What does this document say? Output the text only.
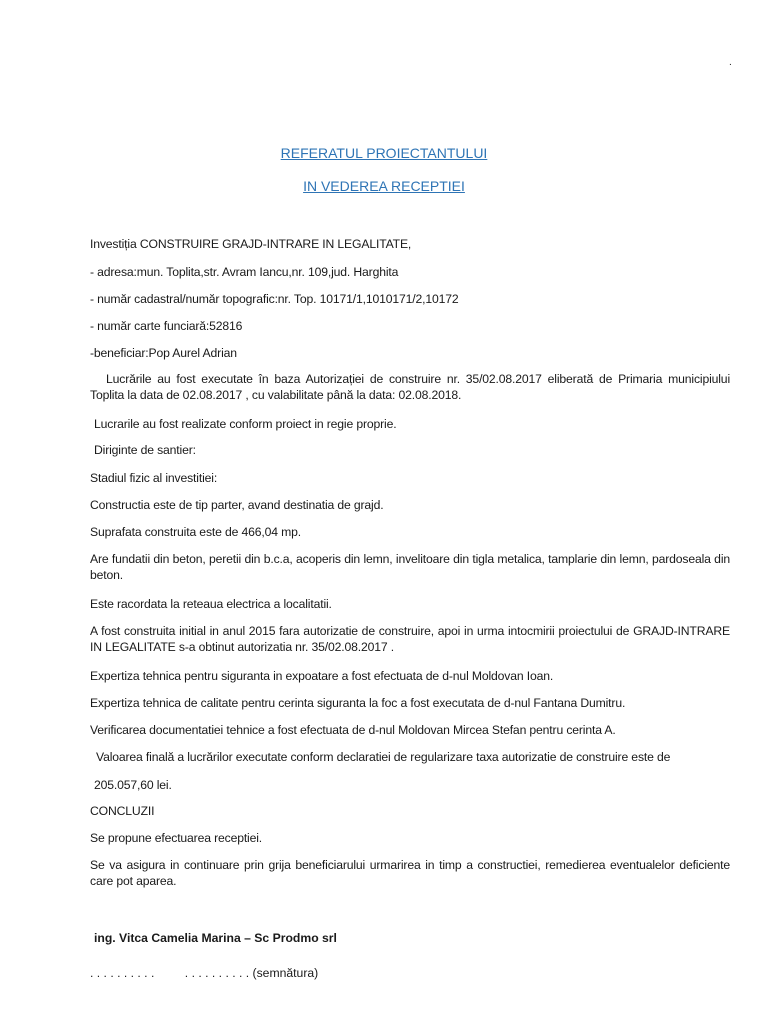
.
REFERATUL PROIECTANTULUI
IN VEDEREA RECEPTIEI
Investiția CONSTRUIRE GRAJD-INTRARE IN LEGALITATE,
- adresa:mun. Toplita,str. Avram Iancu,nr. 109,jud. Harghita
- număr cadastral/număr topografic:nr. Top. 10171/1,1010171/2,10172
- număr carte funciară:52816
-beneficiar:Pop Aurel Adrian
Lucrările au fost executate în baza Autorizației de construire nr. 35/02.08.2017 eliberată de Primaria municipiului Toplita la data de 02.08.2017 , cu valabilitate până la data: 02.08.2018.
Lucrarile au fost realizate conform proiect in regie proprie.
Diriginte de santier:
Stadiul fizic al investitiei:
Constructia este de tip parter, avand destinatia de grajd.
Suprafata construita este de 466,04 mp.
Are fundatii din beton, peretii din b.c.a, acoperis din lemn, invelitoare din tigla metalica, tamplarie din lemn, pardoseala din beton.
Este racordata la reteaua electrica a localitatii.
A fost construita initial in anul 2015 fara autorizatie de construire, apoi in urma intocmirii proiectului de GRAJD-INTRARE IN LEGALITATE s-a obtinut autorizatia nr. 35/02.08.2017 .
Expertiza tehnica pentru siguranta in expoatare a fost efectuata de d-nul Moldovan Ioan.
Expertiza tehnica de calitate pentru cerinta siguranta la foc a fost executata de d-nul Fantana Dumitru.
Verificarea documentatiei tehnice a fost efectuata de d-nul Moldovan Mircea Stefan pentru cerinta A.
Valoarea finală a lucrărilor executate conform declaratiei de regularizare taxa autorizatie de construire este de
205.057,60 lei.
CONCLUZII
Se propune efectuarea receptiei.
Se va asigura in continuare prin grija beneficiarului urmarirea in timp a constructiei, remedierea eventualelor deficiente care pot aparea.
ing. Vitca Camelia Marina – Sc Prodmo srl
. . . . . . . . . .         . . . . . . . . . . (semnătura)
